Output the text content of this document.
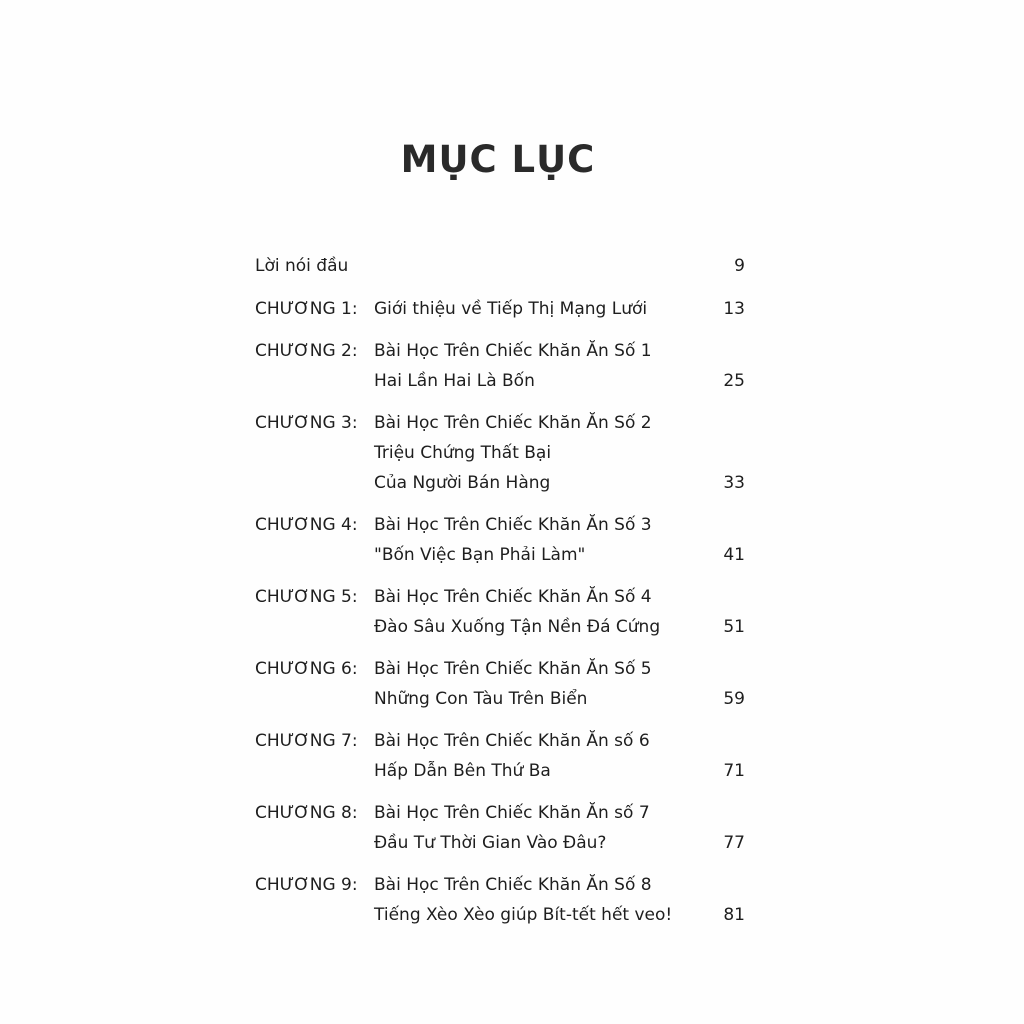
MỤC LỤC
Lời nói đầu	9
CHƯƠNG 1: Giới thiệu về Tiếp Thị Mạng Lưới	13
CHƯƠNG 2: Bài Học Trên Chiếc Khăn Ăn Số 1
Hai Lần Hai Là Bốn	25
CHƯƠNG 3: Bài Học Trên Chiếc Khăn Ăn Số 2
Triệu Chứng Thất Bại
Của Người Bán Hàng	33
CHƯƠNG 4: Bài Học Trên Chiếc Khăn Ăn Số 3
"Bốn Việc Bạn Phải Làm"	41
CHƯƠNG 5: Bài Học Trên Chiếc Khăn Ăn Số 4
Đào Sâu Xuống Tận Nền Đá Cứng	51
CHƯƠNG 6: Bài Học Trên Chiếc Khăn Ăn Số 5
Những Con Tàu Trên Biển	59
CHƯƠNG 7: Bài Học Trên Chiếc Khăn Ăn số 6
Hấp Dẫn Bên Thứ Ba	71
CHƯƠNG 8: Bài Học Trên Chiếc Khăn Ăn số 7
Đầu Tư Thời Gian Vào Đâu?	77
CHƯƠNG 9: Bài Học Trên Chiếc Khăn Ăn Số 8
Tiếng Xèo Xèo giúp Bít-tết hết veo!	81
